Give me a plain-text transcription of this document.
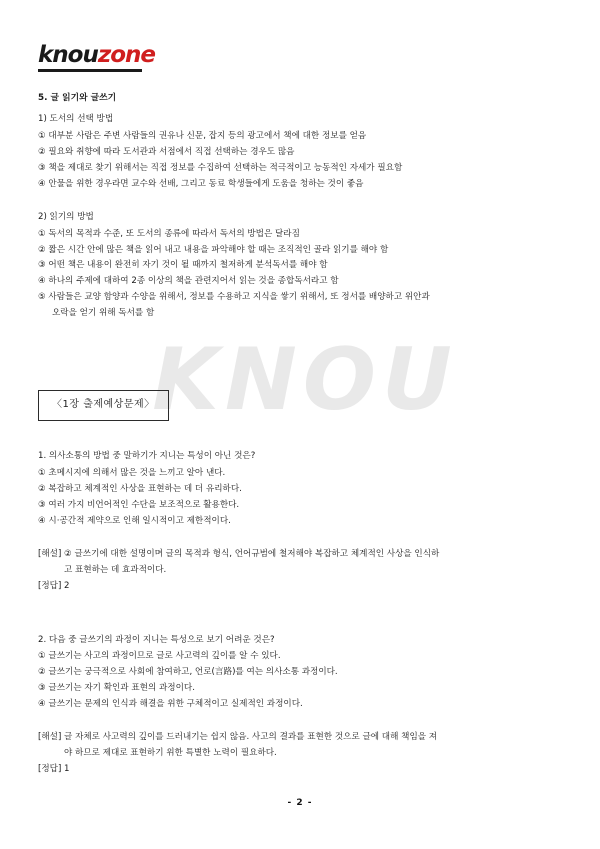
KNOU
knouzone
5. 글 읽기와 글쓰기
1) 도서의 선택 방법
① 대부분 사람은 주변 사람들의 권유나 신문, 잡지 등의 광고에서 책에 대한 정보를 얻음
② 필요와 취향에 따라 도서관과 서점에서 직접 선택하는 경우도 많음
③ 책을 제대로 찾기 위해서는 직접 정보를 수집하여 선택하는 적극적이고 능동적인 자세가 필요함
④ 안물을 위한 경우라면 교수와 선배, 그리고 동료 학생들에게 도움을 청하는 것이 좋음
2) 읽기의 방법
① 독서의 목적과 수준, 또 도서의 종류에 따라서 독서의 방법은 달라짐
② 짧은 시간 안에 많은 책을 읽어 내고 내용을 파악해야 할 때는 조직적인 골라 읽기를 해야 함
③ 어떤 책은 내용이 완전히 자기 것이 될 때까지 철저하게 분석독서를 해야 함
④ 하나의 주제에 대하여 2종 이상의 책을 관련지어서 읽는 것을 종합독서라고 함
⑤ 사람들은 교양 함양과 수양을 위해서, 정보를 수용하고 지식을 쌓기 위해서, 또 정서를 배양하고 위안과
오락을 얻기 위해 독서를 함
〈1장 출제예상문제〉
1. 의사소통의 방법 중 말하기가 지니는 특성이 아닌 것은?
① 초메시지에 의해서 많은 것을 느끼고 알아 낸다.
② 복잡하고 체계적인 사상을 표현하는 데 더 유리하다.
③ 여러 가지 비언어적인 수단을 보조적으로 활용한다.
④ 시·공간적 제약으로 인해 일시적이고 제한적이다.
[해설] ② 글쓰기에 대한 설명이며 글의 목적과 형식, 언어규범에 철저해야 복잡하고 체계적인 사상을 인식하
고 표현하는 데 효과적이다.
[정답] 2
2. 다음 중 글쓰기의 과정이 지니는 특성으로 보기 어려운 것은?
① 글쓰기는 사고의 과정이므로 글로 사고력의 깊이를 알 수 있다.
② 글쓰기는 궁극적으로 사회에 참여하고, 언로(言路)를 여는 의사소통 과정이다.
③ 글쓰기는 자기 확인과 표현의 과정이다.
④ 글쓰기는 문제의 인식과 해결을 위한 구체적이고 실제적인 과정이다.
[해설] 글 자체로 사고력의 깊이를 드러내기는 쉽지 않음. 사고의 결과를 표현한 것으로 글에 대해 책임을 져
야 하므로 제대로 표현하기 위한 특별한 노력이 필요하다.
[정답] 1
- 2 -
